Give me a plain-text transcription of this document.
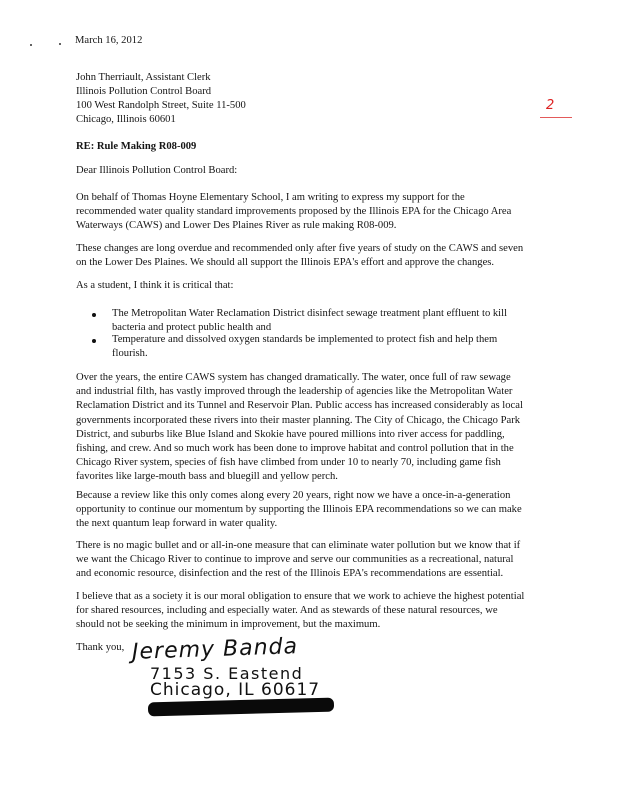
March 16, 2012
John Therriault, Assistant Clerk
Illinois Pollution Control Board
100 West Randolph Street, Suite 11-500
Chicago, Illinois 60601
2
RE: Rule Making R08-009
Dear Illinois Pollution Control Board:
On behalf of Thomas Hoyne Elementary School, I am writing to express my support for the
recommended water quality standard improvements proposed by the Illinois EPA for the Chicago Area
Waterways (CAWS) and Lower Des Plaines River as rule making R08-009.
These changes are long overdue and recommended only after five years of study on the CAWS and seven
on the Lower Des Plaines. We should all support the Illinois EPA's effort and approve the changes.
As a student, I think it is critical that:
The Metropolitan Water Reclamation District disinfect sewage treatment plant effluent to kill
bacteria and protect public health and
Temperature and dissolved oxygen standards be implemented to protect fish and help them
flourish.
Over the years, the entire CAWS system has changed dramatically. The water, once full of raw sewage
and industrial filth, has vastly improved through the leadership of agencies like the Metropolitan Water
Reclamation District and its Tunnel and Reservoir Plan. Public access has increased considerably as local
governments incorporated these rivers into their master planning. The City of Chicago, the Chicago Park
District, and suburbs like Blue Island and Skokie have poured millions into river access for paddling,
fishing, and crew. And so much work has been done to improve habitat and control pollution that in the
Chicago River system, species of fish have climbed from under 10 to nearly 70, including game fish
favorites like large-mouth bass and bluegill and yellow perch.
Because a review like this only comes along every 20 years, right now we have a once-in-a-generation
opportunity to continue our momentum by supporting the Illinois EPA recommendations so we can make
the next quantum leap forward in water quality.
There is no magic bullet and or all-in-one measure that can eliminate water pollution but we know that if
we want the Chicago River to continue to improve and serve our communities as a recreational, natural
and economic resource, disinfection and the rest of the Illinois EPA's recommendations are essential.
I believe that as a society it is our moral obligation to ensure that we work to achieve the highest potential
for shared resources, including and especially water. And as stewards of these natural resources, we
should not be seeking the minimum in improvement, but the maximum.
Thank you, Jeremy Banda
7153 S. Eastend
Chicago, IL 60617
